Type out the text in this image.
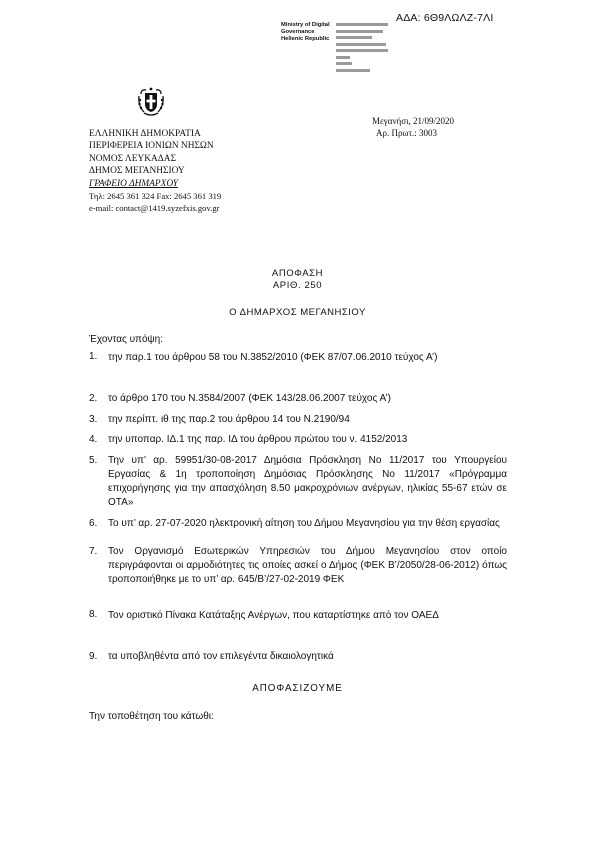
ΑΔΑ: 6Θ9ΛΩΛΖ-7ΛΙ
Ministry of Digital
Governance
Hellenic Republic
ΕΛΛΗΝΙΚΗ ΔΗΜΟΚΡΑΤΙΑ
ΠΕΡΙΦΕΡΕΙΑ ΙΟΝΙΩΝ ΝΗΣΩΝ
ΝΟΜΟΣ ΛΕΥΚΑΔΑΣ
ΔΗΜΟΣ ΜΕΓΑΝΗΣΙΟΥ
ΓΡΑΦΕΙΟ ΔΗΜΑΡΧΟΥ
Τηλ: 2645 361 324 Fax: 2645 361 319
e-mail: contact@1419.syzefxis.gov.gr
Μεγανήσι, 21/09/2020
Αρ. Πρωτ.: 3003
ΑΠΟΦΑΣΗ
ΑΡΙΘ. 250
Ο ΔΗΜΑΡΧΟΣ ΜΕΓΑΝΗΣΙΟΥ
Έχοντας υπόψη:
1. την παρ.1 του άρθρου 58 του Ν.3852/2010 (ΦΕΚ 87/07.06.2010 τεύχος Α’)
2. το άρθρο 170 του Ν.3584/2007 (ΦΕΚ 143/28.06.2007 τεύχος Α’)
3. την περίπτ. ιθ της παρ.2 του άρθρου 14 του Ν.2190/94
4. την υποπαρ. ΙΔ.1 της παρ. ΙΔ του άρθρου πρώτου του ν. 4152/2013
5. Την υπ’ αρ. 59951/30-08-2017 Δημόσια Πρόσκληση Νο 11/2017 του Υπουργείου Εργασίας & 1η τροποποίηση Δημόσιας Πρόσκλησης Νο 11/2017 «Πρόγραμμα επιχορήγησης για την απασχόληση 8.50 μακροχρόνιων ανέργων, ηλικίας 55-67 ετών σε ΟΤΑ»
6. Το υπ’ αρ. 27-07-2020 ηλεκτρονική αίτηση του Δήμου Μεγανησίου για την θέση εργασίας
7. Τον Οργανισμό Εσωτερικών Υπηρεσιών του Δήμου Μεγανησίου στον οποίο περιγράφονται οι αρμοδιότητες τις οποίες ασκεί ο Δήμος (ΦΕΚ Β’/2050/28-06-2012) όπως τροποποιήθηκε με το υπ’ αρ. 645/Β’/27-02-2019 ΦΕΚ
8. Τον οριστικό Πίνακα Κατάταξης Ανέργων, που καταρτίστηκε από τον ΟΑΕΔ
9. τα υποβληθέντα από τον επιλεγέντα δικαιολογητικά
ΑΠΟΦΑΣΙΖΟΥΜΕ
Την τοποθέτηση του κάτωθι:
